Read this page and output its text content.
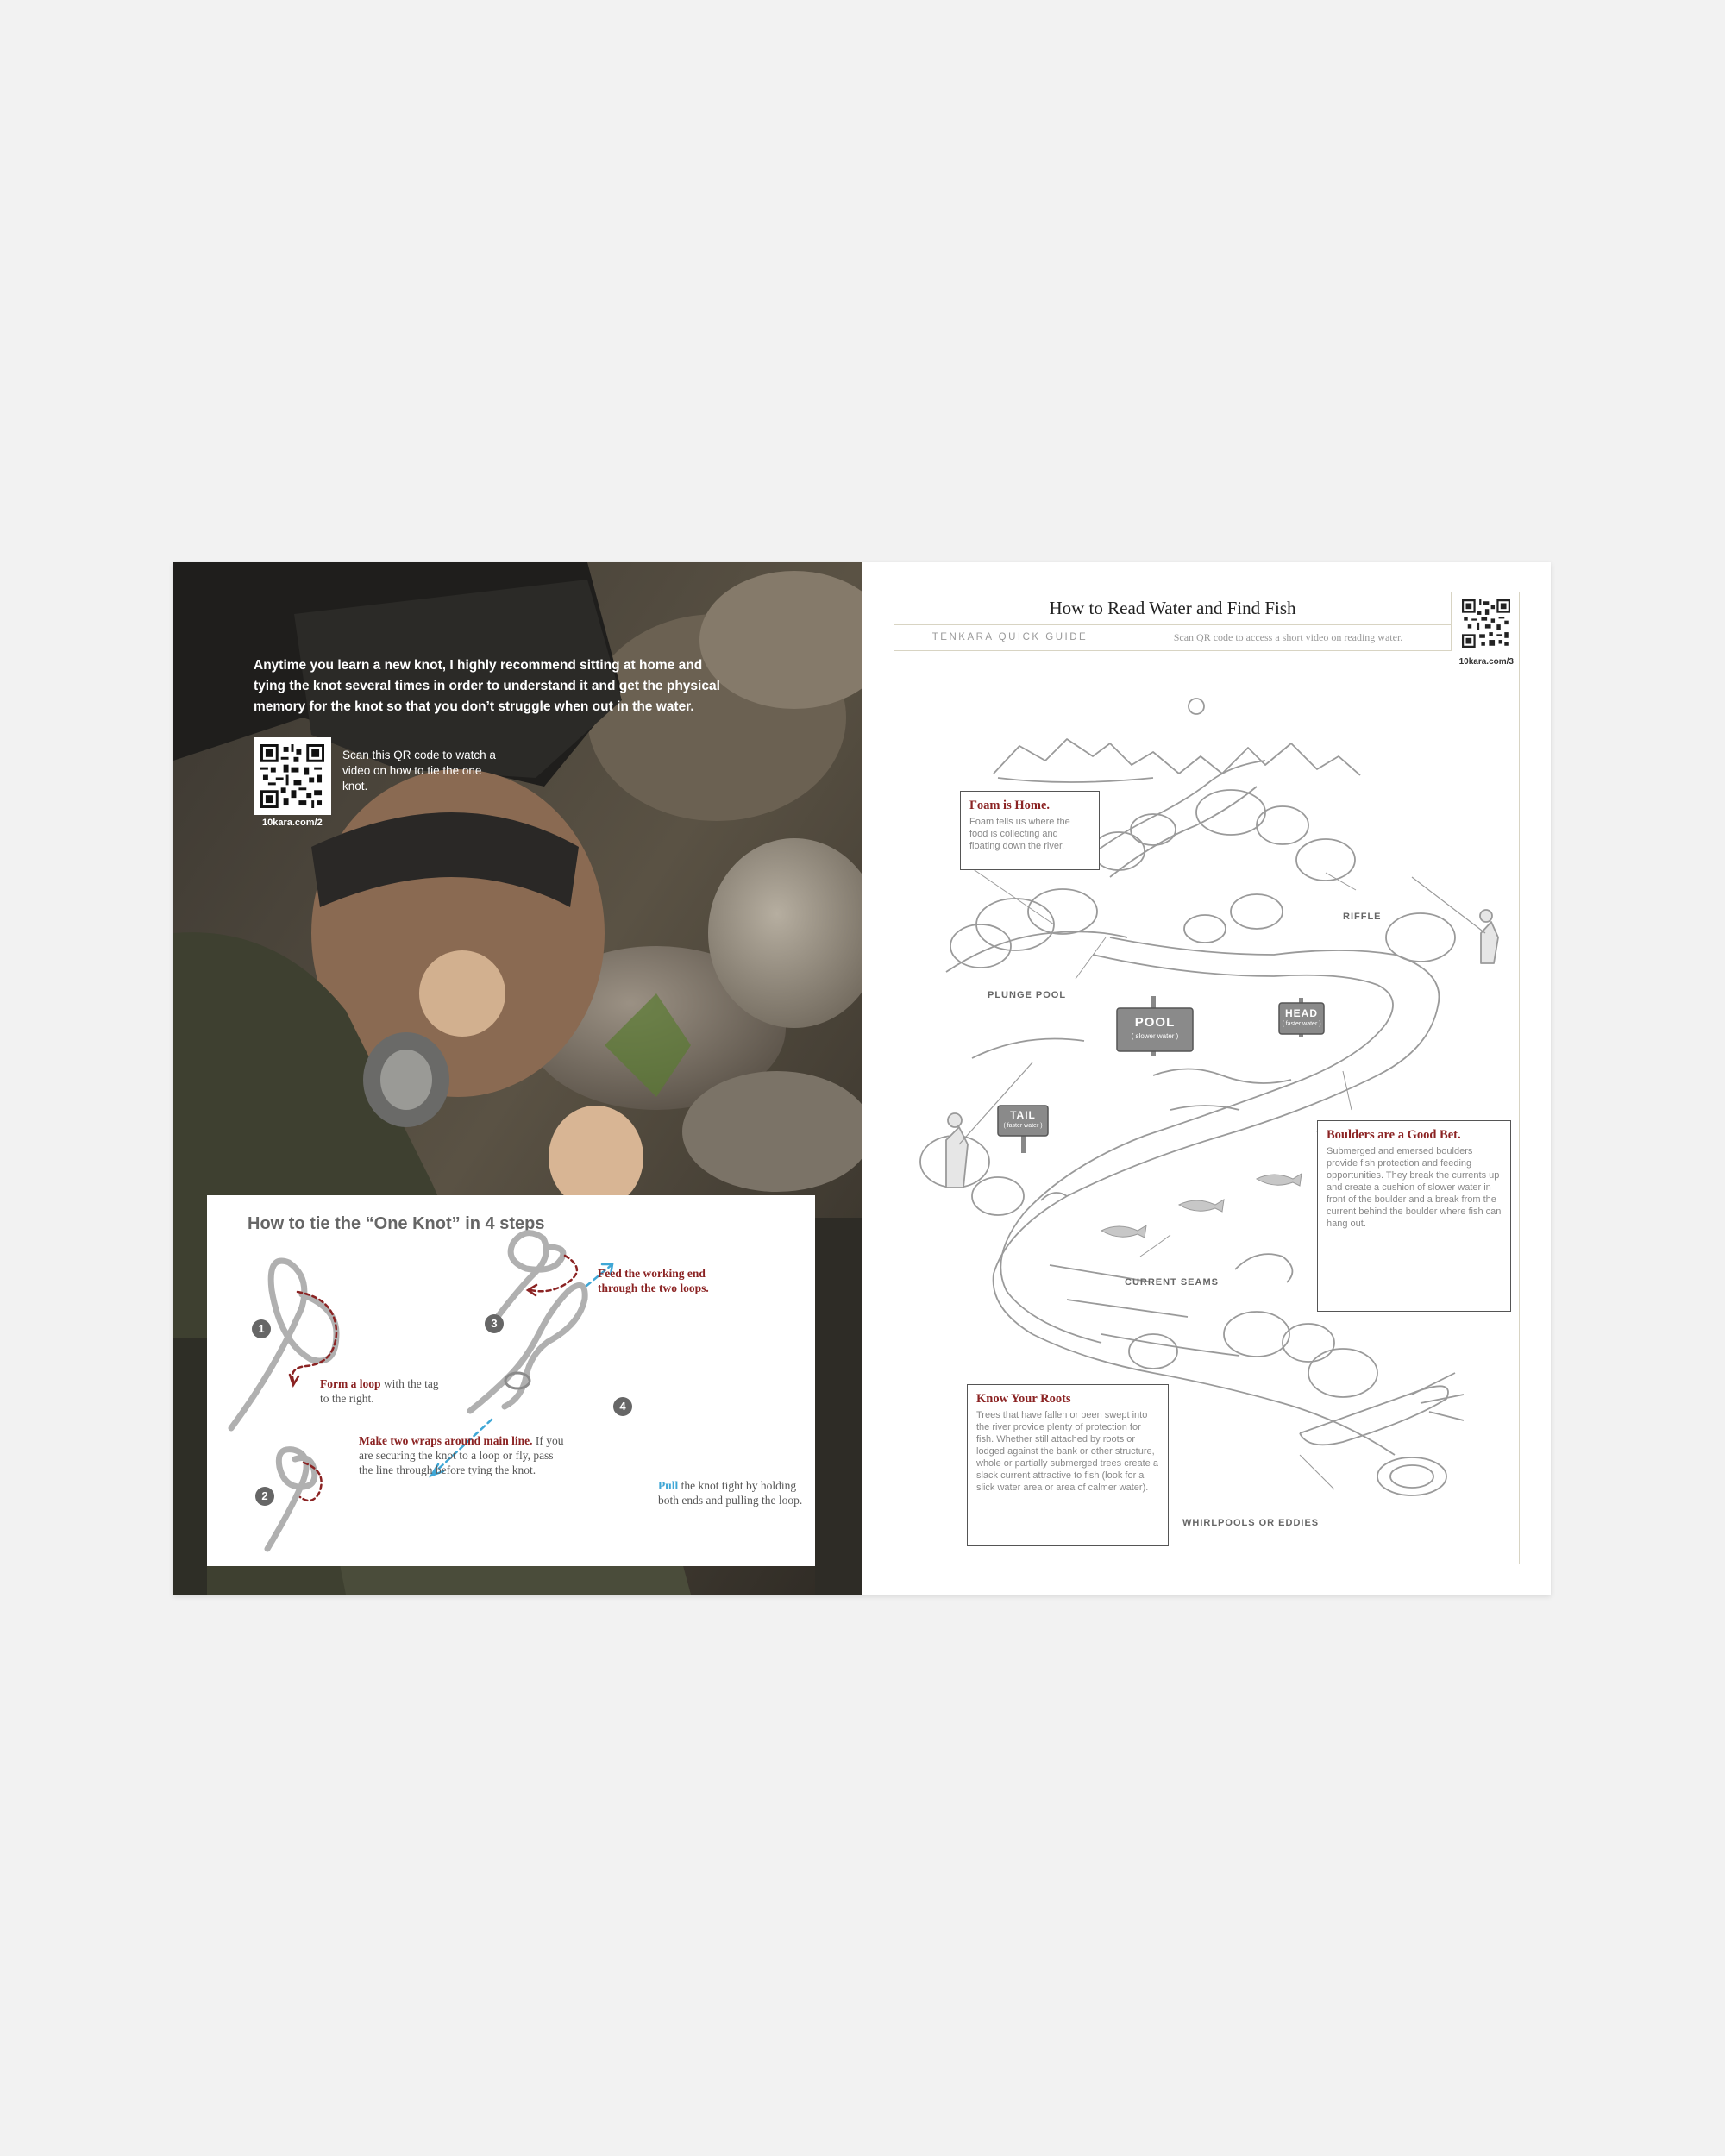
Anytime you learn a new knot, I highly recommend sitting at home and tying the knot several times in order to understand it and get the physical memory for the knot so that you don’t struggle when out in the water.
Scan this QR code to watch a video on how to tie the one knot.
10kara.com/2
How to tie the “One Knot” in 4 steps
1
2
3
4
Form a loop with the tag to the right.
Make two wraps around main line. If you are securing the knot to a loop or fly, pass the line through before tying the knot.
Feed the working end through the two loops.
Pull the knot tight by holding both ends and pulling the loop.
How to Read Water and Find Fish
TENKARA QUICK GUIDE	Scan QR code to access a short video on reading water.
10kara.com/3
Foam is Home.

Foam tells us where the food is collecting and floating down the river.

Boulders are a Good Bet.

Submerged and emersed boulders provide fish protection and feeding opportunities. They break the currents up and create a cushion of slower water in front of the boulder and a break from the current behind the boulder where fish can hang out.

Know Your Roots

Trees that have fallen or been swept into the river provide plenty of protection for fish. Whether still attached by roots or lodged against the bank or other structure, whole or partially submerged trees create a slack current attractive to fish (look for a slick water area or area of calmer water).

RIFFLE
PLUNGE POOL
POOL
( slower water )
HEAD
( faster water )
TAIL
( faster water )
CURRENT SEAMS
WHIRLPOOLS OR EDDIES
